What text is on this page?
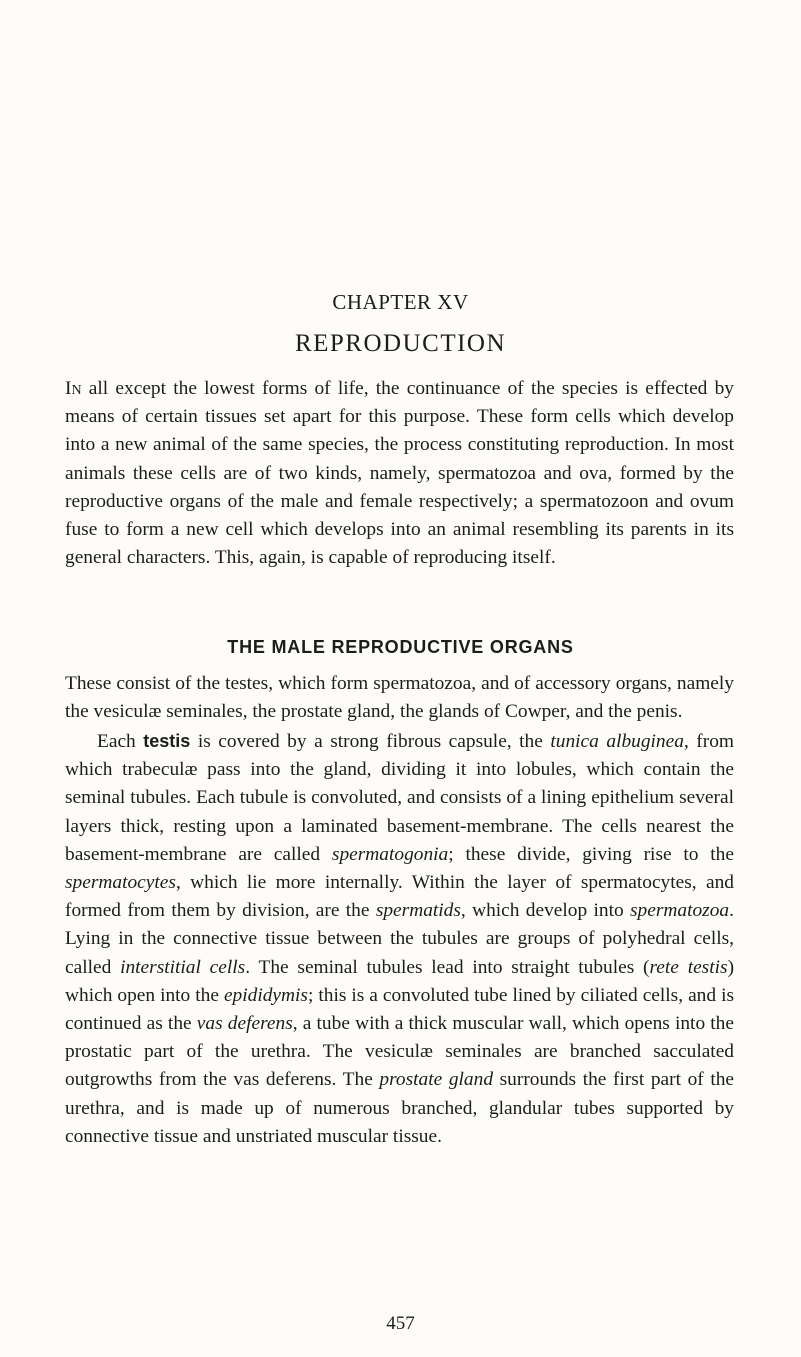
CHAPTER XV
REPRODUCTION

In all except the lowest forms of life, the continuance of the species is effected by means of certain tissues set apart for this purpose. These form cells which develop into a new animal of the same species, the process constituting reproduction. In most animals these cells are of two kinds, namely, spermatozoa and ova, formed by the reproductive organs of the male and female respectively; a spermatozoon and ovum fuse to form a new cell which develops into an animal resembling its parents in its general characters. This, again, is capable of reproducing itself.

THE MALE REPRODUCTIVE ORGANS

These consist of the testes, which form spermatozoa, and of accessory organs, namely the vesiculæ seminales, the prostate gland, the glands of Cowper, and the penis.

Each testis is covered by a strong fibrous capsule, the tunica albuginea, from which trabeculæ pass into the gland, dividing it into lobules, which contain the seminal tubules. Each tubule is convoluted, and consists of a lining epithelium several layers thick, resting upon a laminated basement-membrane. The cells nearest the basement-membrane are called spermatogonia; these divide, giving rise to the spermatocytes, which lie more internally. Within the layer of spermatocytes, and formed from them by division, are the spermatids, which develop into spermatozoa. Lying in the connective tissue between the tubules are groups of polyhedral cells, called interstitial cells. The seminal tubules lead into straight tubules (rete testis) which open into the epididymis; this is a convoluted tube lined by ciliated cells, and is continued as the vas deferens, a tube with a thick muscular wall, which opens into the prostatic part of the urethra. The vesiculæ seminales are branched sacculated outgrowths from the vas deferens. The prostate gland surrounds the first part of the urethra, and is made up of numerous branched, glandular tubes supported by connective tissue and unstriated muscular tissue.

457
